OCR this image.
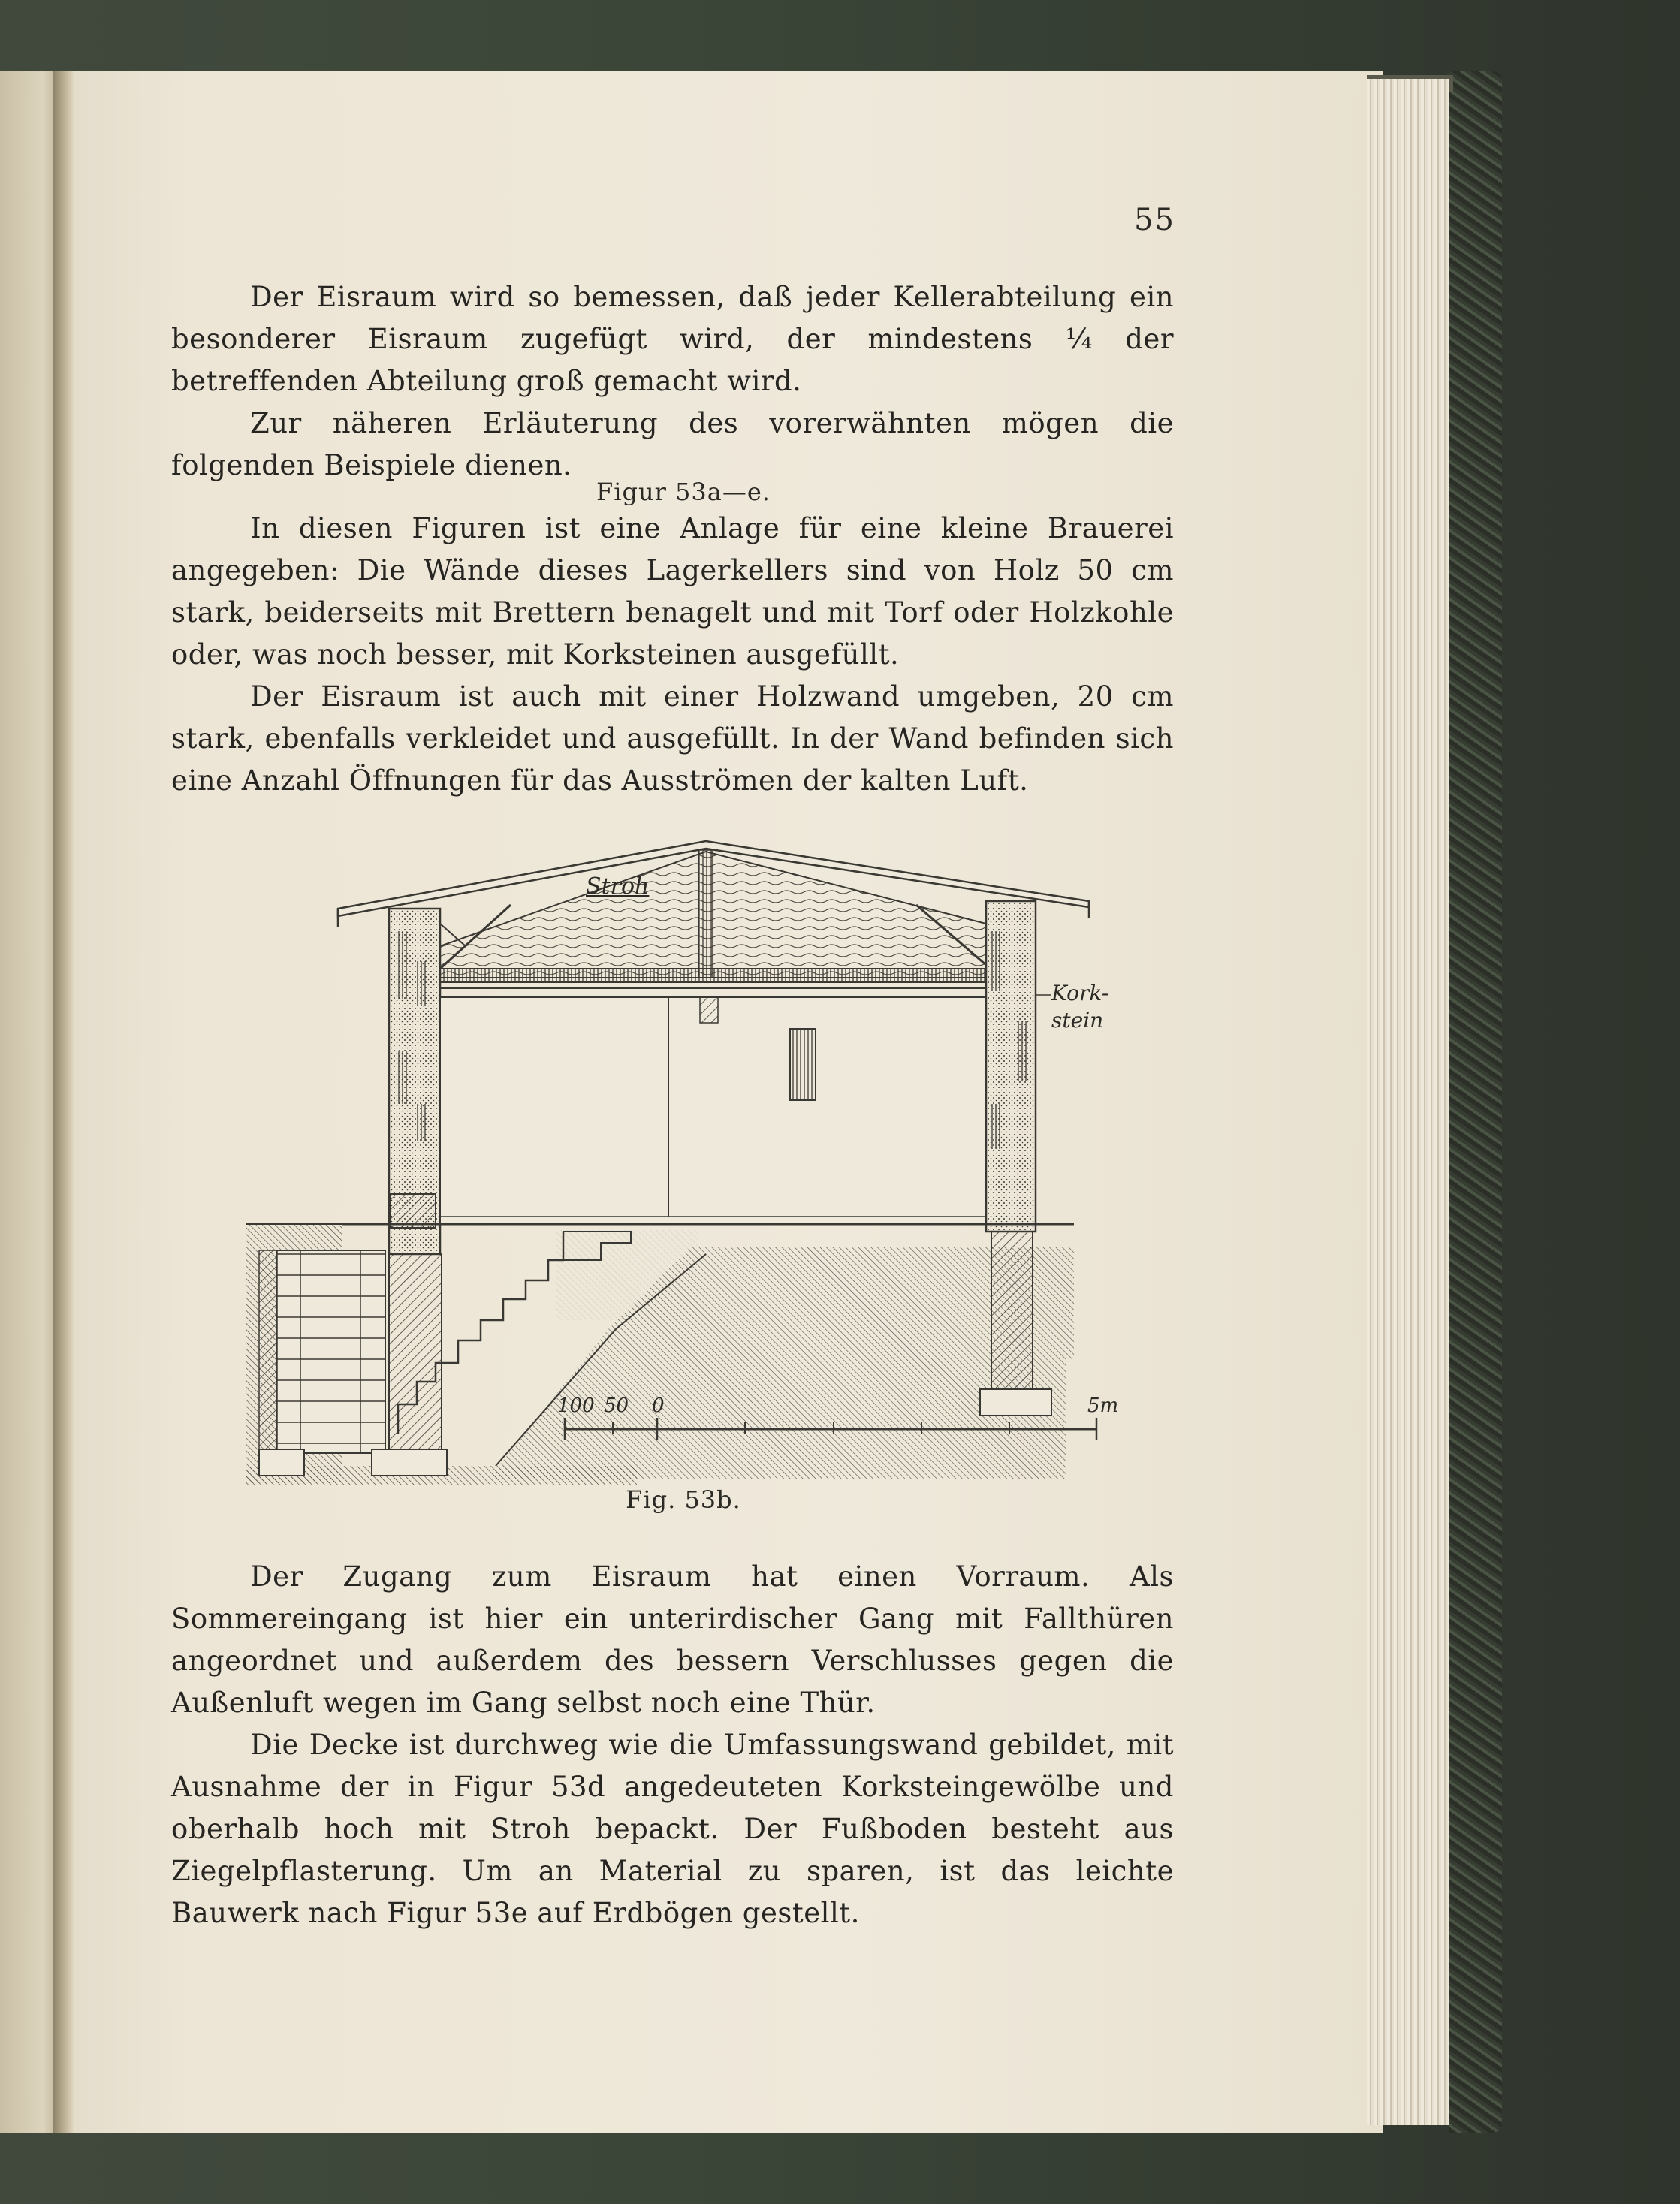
55

Der Eisraum wird so bemessen, daß jeder Kellerabteilung ein besonderer Eisraum zugefügt wird, der mindestens ¼ der betreffenden Abteilung groß gemacht wird.

Zur näheren Erläuterung des vorerwähnten mögen die folgenden Beispiele dienen.

Figur 53a—e.

In diesen Figuren ist eine Anlage für eine kleine Brauerei angegeben: Die Wände dieses Lagerkellers sind von Holz 50 cm stark, beiderseits mit Brettern benagelt und mit Torf oder Holzkohle oder, was noch besser, mit Korksteinen ausgefüllt.

Der Eisraum ist auch mit einer Holzwand umgeben, 20 cm stark, ebenfalls verkleidet und ausgefüllt. In der Wand befinden sich eine Anzahl Öffnungen für das Ausströmen der kalten Luft.

Stroh
Kork-
stein
100 50 0	5m
Fig. 53b.

Der Zugang zum Eisraum hat einen Vorraum. Als Sommereingang ist hier ein unterirdischer Gang mit Fallthüren angeordnet und außerdem des bessern Verschlusses gegen die Außenluft wegen im Gang selbst noch eine Thür.

Die Decke ist durchweg wie die Umfassungswand gebildet, mit Ausnahme der in Figur 53d angedeuteten Korksteingewölbe und oberhalb hoch mit Stroh bepackt. Der Fußboden besteht aus Ziegelpflasterung. Um an Material zu sparen, ist das leichte Bauwerk nach Figur 53e auf Erdbögen gestellt.
